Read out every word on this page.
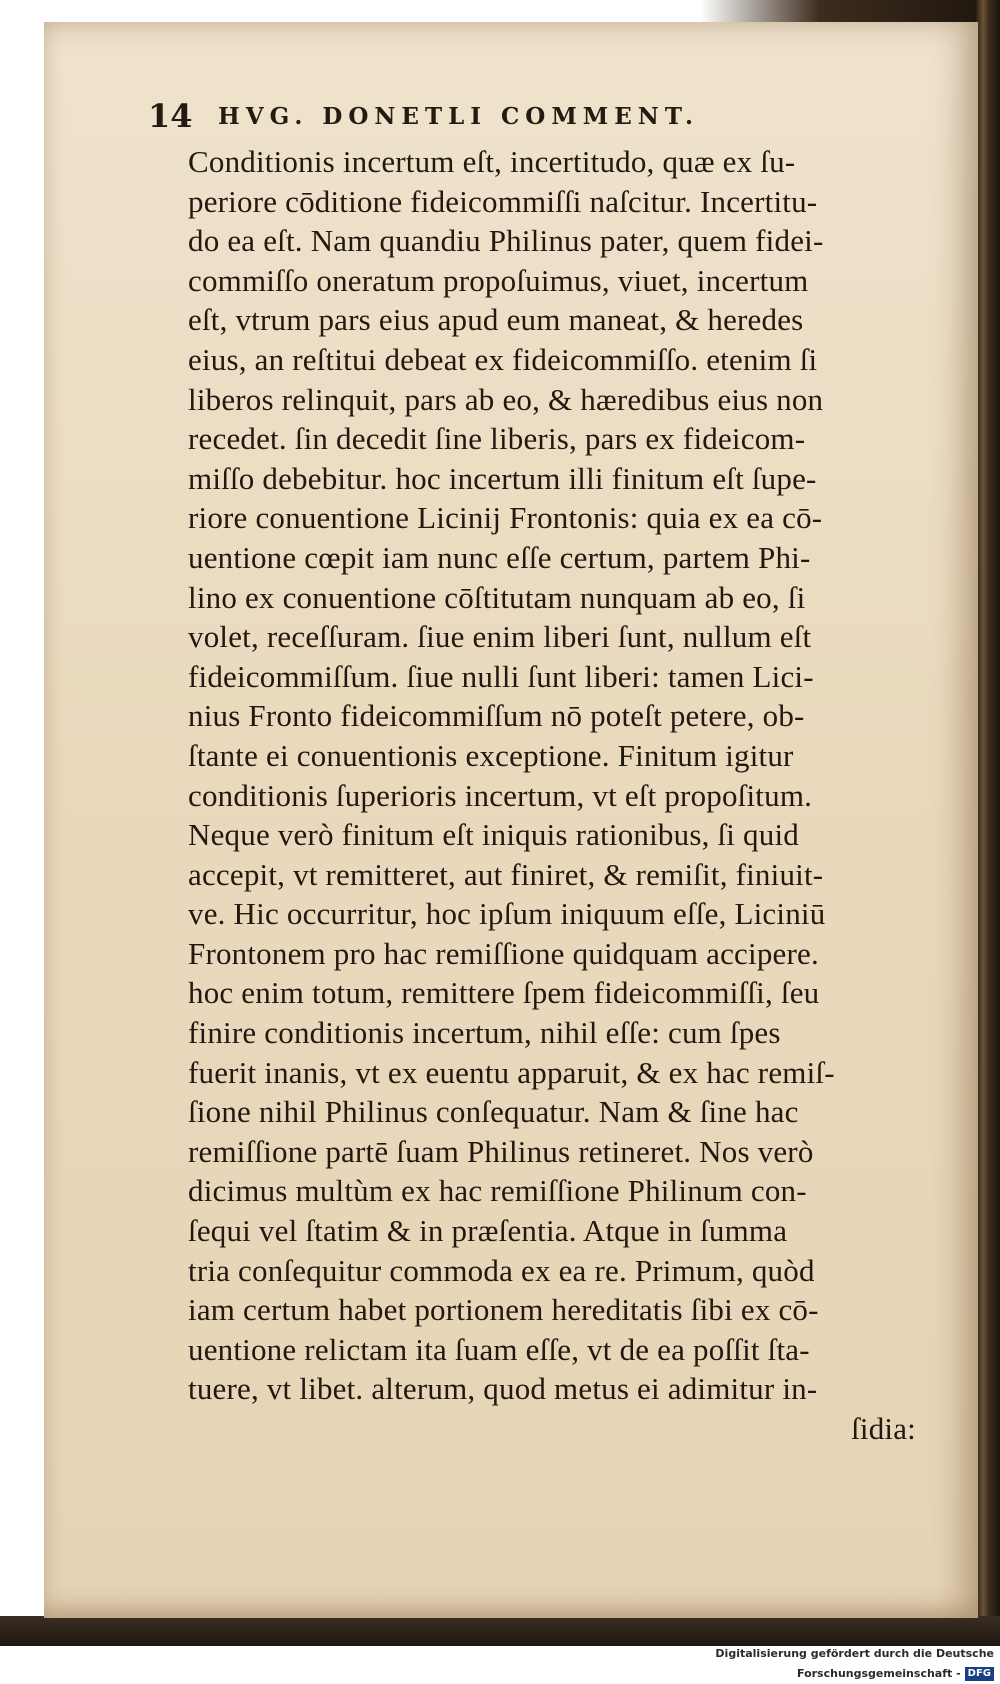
14 HVG. DONETLI COMMENT.
Conditionis incertum eſt, incertitudo, quæ ex ſu-
periore cōditione fideicommiſſi naſcitur. Incertitu-
do ea eſt. Nam quandiu Philinus pater, quem fidei-
commiſſo oneratum propoſuimus, viuet, incertum
eſt, vtrum pars eius apud eum maneat, & heredes
eius, an reſtitui debeat ex fideicommiſſo. etenim ſi
liberos relinquit, pars ab eo, & hæredibus eius non
recedet. ſin decedit ſine liberis, pars ex fideicom-
miſſo debebitur. hoc incertum illi finitum eſt ſupe-
riore conuentione Licinij Frontonis: quia ex ea cō-
uentione cœpit iam nunc eſſe certum, partem Phi-
lino ex conuentione cōſtitutam nunquam ab eo, ſi
volet, receſſuram. ſiue enim liberi ſunt, nullum eſt
fideicommiſſum. ſiue nulli ſunt liberi: tamen Lici-
nius Fronto fideicommiſſum nō poteſt petere, ob-
ſtante ei conuentionis exceptione. Finitum igitur
conditionis ſuperioris incertum, vt eſt propoſitum.
Neque verò finitum eſt iniquis rationibus, ſi quid
accepit, vt remitteret, aut finiret, & remiſit, finiuit-
ve. Hic occurritur, hoc ipſum iniquum eſſe, Liciniū
Frontonem pro hac remiſſione quidquam accipere.
hoc enim totum, remittere ſpem fideicommiſſi, ſeu
finire conditionis incertum, nihil eſſe: cum ſpes
fuerit inanis, vt ex euentu apparuit, & ex hac remiſ-
ſione nihil Philinus conſequatur. Nam & ſine hac
remiſſione partē ſuam Philinus retineret. Nos verò
dicimus multùm ex hac remiſſione Philinum con-
ſequi vel ſtatim & in præſentia. Atque in ſumma
tria conſequitur commoda ex ea re. Primum, quòd
iam certum habet portionem hereditatis ſibi ex cō-
uentione relictam ita ſuam eſſe, vt de ea poſſit ſta-
tuere, vt libet. alterum, quod metus ei adimitur in-
ſidia:
Digitalisierung gefördert durch die Deutsche Forschungsgemeinschaft - DFG
